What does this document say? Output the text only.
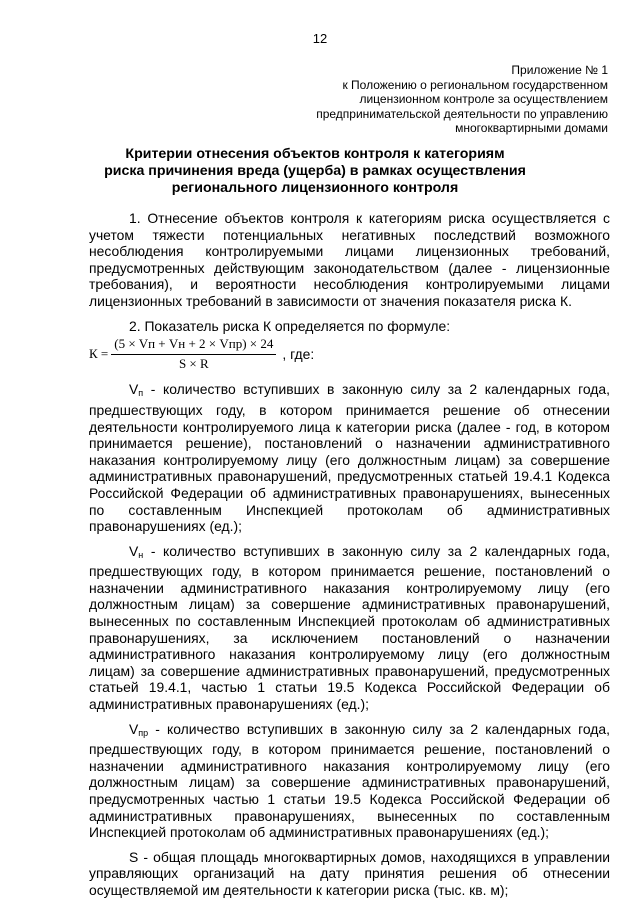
12
Приложение № 1
к Положению о региональном государственном
лицензионном контроле за осуществлением
предпринимательской деятельности по управлению
многоквартирными домами
Критерии отнесения объектов контроля к категориям
риска причинения вреда (ущерба) в рамках осуществления
регионального лицензионного контроля

1. Отнесение объектов контроля к категориям риска осуществляется с учетом тяжести потенциальных негативных последствий возможного несоблюдения контролируемыми лицами лицензионных требований, предусмотренных действующим законодательством (далее - лицензионные требования), и вероятности несоблюдения контролируемыми лицами лицензионных требований в зависимости от значения показателя риска К.

2. Показатель риска К определяется по формуле:

$К = \frac{\text{(5 × Vп + Vн + 2 × Vпр) × 24}}{S \times R}$ , где:

$V_п$ - количество вступивших в законную силу за 2 календарных года, предшествующих году, в котором принимается решение об отнесении деятельности контролируемого лица к категории риска (далее - год, в котором принимается решение), постановлений о назначении административного наказания контролируемому лицу (его должностным лицам) за совершение административных правонарушений, предусмотренных статьей 19.4.1 Кодекса Российской Федерации об административных правонарушениях, вынесенных по составленным Инспекцией протоколам об административных правонарушениях (ед.);

$V_н$ - количество вступивших в законную силу за 2 календарных года, предшествующих году, в котором принимается решение, постановлений о назначении административного наказания контролируемому лицу (его должностным лицам) за совершение административных правонарушений, вынесенных по составленным Инспекцией протоколам об административных правонарушениях, за исключением постановлений о назначении административного наказания контролируемому лицу (его должностным лицам) за совершение административных правонарушений, предусмотренных статьей 19.4.1, частью 1 статьи 19.5 Кодекса Российской Федерации об административных правонарушениях (ед.);

$V_{пр}$ - количество вступивших в законную силу за 2 календарных года, предшествующих году, в котором принимается решение, постановлений о назначении административного наказания контролируемому лицу (его должностным лицам) за совершение административных правонарушений, предусмотренных частью 1 статьи 19.5 Кодекса Российской Федерации об административных правонарушениях, вынесенных по составленным Инспекцией протоколам об административных правонарушениях (ед.);

S - общая площадь многоквартирных домов, находящихся в управлении управляющих организаций на дату принятия решения об отнесении осуществляемой им деятельности к категории риска (тыс. кв. м);
